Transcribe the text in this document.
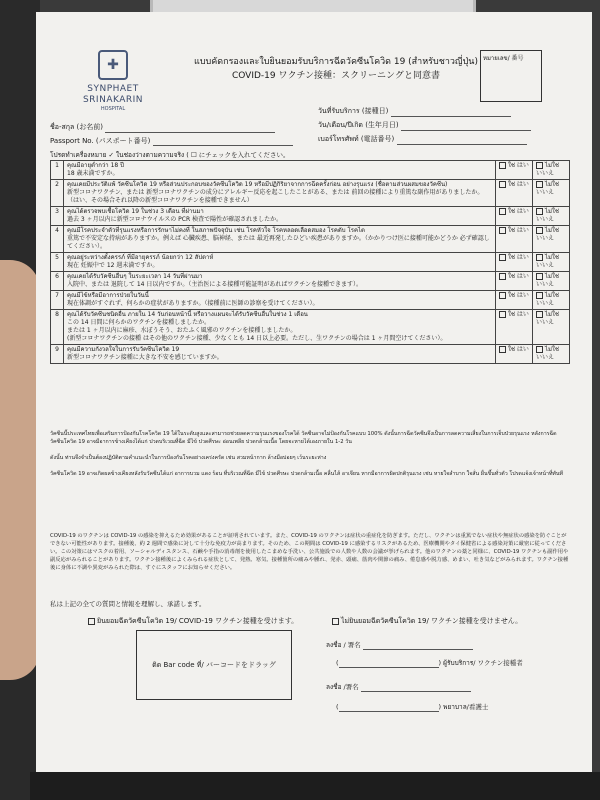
✚
SYNPHAET
SRINAKARIN
HOSPITAL
แบบคัดกรองและใบยินยอมรับบริการฉีดวัคซีนโควิด 19 (สำหรับชาวญี่ปุ่น)
COVID-19 ワクチン接種：スクリーニングと同意書
หมายเลข/ 番号
วันที่รับบริการ (接種日)
ชื่อ-สกุล (お名前)	วัน/เดือน/ปีเกิด (生年月日)
Passport No. (パスポート番号)	เบอร์โทรศัพท์ (電話番号)
โปรดทำเครื่องหมาย ✓ ในช่องว่างตามความจริง ( ☐ にチェックを入れてください。
1	คุณมีอายุต่ำกว่า 18 ปี
18 歳未満ですか。	ใช่ はい	ไม่ใช่ いいえ
2	คุณเคยมีประวัติแพ้ วัคซีนโควิด 19 หรือส่วนประกอบของวัคซีนโควิด 19 หรือมีปฏิกิริยาจากการฉีดครั้งก่อน อย่างรุนแรง (ชื่อตามส่วนผสมของวัคซีน)
新型コロナワクチン、または 新型コロナワクチンの成分にアレルギー反応を起こしたことがある、または 前回の接種により重篤な副作用がありましたか。（はい、その場合それ以降の新型コロナワクチンを接種できません）	ใช่ はい	ไม่ใช่ いいえ
3	คุณได้ตรวจพบเชื้อโควิด 19 ในช่วง 3 เดือน ที่ผ่านมา
過去 3 ヶ月以内に新型コロナウイルスの PCR 検査で陽性が確認されましたか。	ใช่ はい	ไม่ใช่ いいえ
4	คุณมีโรคประจำตัวที่รุนแรงหรือการรักษาไม่คงที่ ในสภาพปัจจุบัน เช่น โรคหัวใจ โรคหลอดเลือดสมอง โรคตับ โรคไต
重篤で不安定な持病がありますか。例えば 心臓疾患、脳神経、または 最近再発したひどい疾患がありますか。（かかりつけ医に接種可能かどうか 必ず確認してください）。	ใช่ はい	ไม่ใช่ いいえ
5	คุณอยู่ระหว่างตั้งครรภ์ ที่มีอายุครรภ์ น้อยกว่า 12 สัปดาห์
現在 妊娠中で 12 週未満ですか。	ใช่ はい	ไม่ใช่ いいえ
6	คุณเคยได้รับวัคซีนอื่นๆ ในระยะเวลา 14 วันที่ผ่านมา
入院中、または 退院して 14 日以内ですか。（主治医による接種可能証明があればワクチンを接種できます）。	ใช่ はい	ไม่ใช่ いいえ
7	คุณมีไข้หรือมีอาการป่วยในวันนี้
現在体調がすぐれず、何らかの症状がありますか。（接種前に医師の診察を受けてください）。	ใช่ はい	ไม่ใช่ いいえ
8	คุณได้รับวัคซีนชนิดอื่น ภายใน 14 วันก่อนหน้านี้ หรือวางแผนจะได้รับวัคซีนอื่นในช่วง 1 เดือน
この 14 日間に何らかのワクチンを接種しましたか。
または 1 ヶ月以内に麻疹、水ぼうそう、おたふく風邪のワクチンを接種しましたか。
(新型コロナワクチンの接種 はその他のワクチン接種、少なくとも 14 日以上必要。ただし、生ワクチンの場合は 1 ヶ月間空けてください）。	ใช่ はい	ไม่ใช่ いいえ
9	คุณมีความกังวลใจในการรับวัคซีนโควิด 19
新型コロナワクチン接種に大きな不安を感じていますか。	ใช่ はい	ไม่ใช่ いいえ
วัคซีนนี้ประเทศไทยเพื่อเสริมการป้องกันโรคโควิด 19 ได้ในระดับสูงและสามารถช่วยลดความรุนแรงของโรคได้ วัคซีนอาจไม่ป้องกันโรคแบบ 100% ดังนั้นการฉีดวัคซีนจึงเป็นการลดความเสี่ยงในการเจ็บป่วยรุนแรง หลังการฉีดวัคซีนโควิด 19 อาจมีอาการข้างเคียงได้แก่ ปวดบริเวณที่ฉีด มีไข้ ปวดศีรษะ อ่อนเพลีย ปวดกล้ามเนื้อ โดยจะหายได้เองภายใน 1-2 วัน
ดังนั้น ท่านจึงจำเป็นต้องปฏิบัติตามคำแนะนำในการป้องกันโรคอย่างเคร่งครัด เช่น สวมหน้ากาก ล้างมือบ่อยๆ เว้นระยะห่าง
วัคซีนโควิด 19 อาจเกิดผลข้างเคียงหลังรับวัคซีนได้แก่ อาการบวม แดง ร้อน ที่บริเวณที่ฉีด มีไข้ ปวดศีรษะ ปวดกล้ามเนื้อ คลื่นไส้ อาเจียน หากมีอาการผิดปกติรุนแรง เช่น หายใจลำบาก ใจสั่น ผื่นขึ้นทั่วตัว โปรดแจ้งเจ้าหน้าที่ทันที
COVID-19 のワクチンは COVID-19 の感染を抑えるため効果があることが証明されています。また、COVID-19 のワクチンは症状の重症化を防ぎます。ただし、ワクチンは重篤でない症状や無症状の感染を防ぐことができない可能性があります。接種後、約 2 週間で感染に対して十分な免疫力が高まります。そのため、この期間は COVID-19 に感染するリスクがあるため、医療機関やタイ保健省による感染対策に厳密に従ってください。この対策にはマスクの着用、ソーシャルディスタンス、石鹸や手指の消毒剤を使用したこまめな手洗い、公共施設での人数や人数の会議が挙げられます。他のワクチンの薬と同様に、COVID-19 ワクチンも副作用や副反応がみられることがあります。ワクチン接種後によくみられる症状として、発熱、寒気、接種箇所の痛みや腫れ、発赤、頭痛、筋肉や関節の痛み、倦怠感や脱力感、めまい、吐き気などがみられます。ワクチン接種後に身体に不調や異変がみられた際は、すぐにスタッフにお知らせください。
私は上記の全ての質問と情報を理解し、承諾します。
ยินยอมฉีดวัคซีนโควิด 19/ COVID-19 ワクチン接種を受けます。	ไม่ยินยอมฉีดวัคซีนโควิด 19/ ワクチン接種を受けません。
ติด Bar code ที่/ バーコードをドラッグ
ลงชื่อ / 署名
(	) ผู้รับบริการ/ ワクチン接種者
ลงชื่อ /署名
(	) พยาบาล/看護士
